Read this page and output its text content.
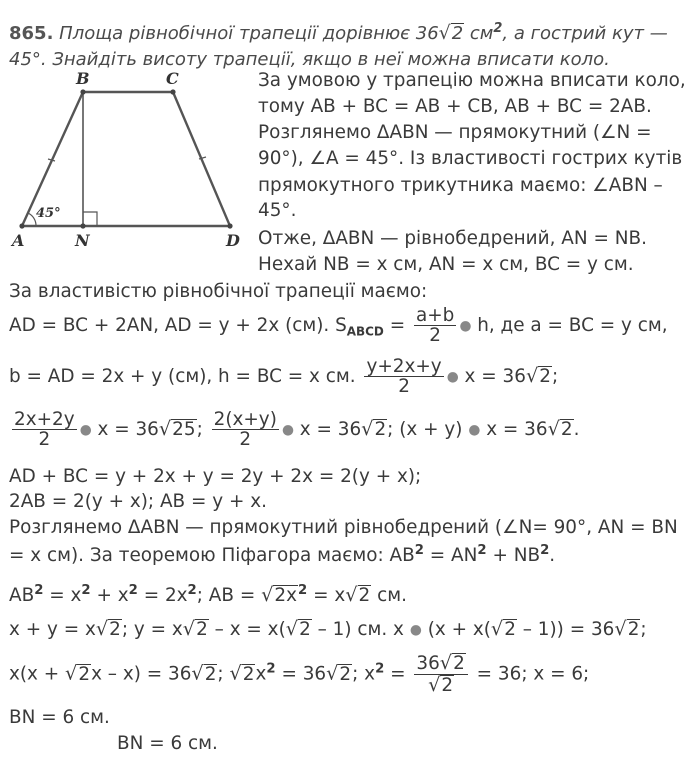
865. Площа рівнобічної трапеції дорівнює 36√2 $см^2$, а гострий кут — 45°. Знайдіть висоту трапеції, якщо в неї можна вписати коло.
B	C
A	N	D
45°
За умовою у трапецію можна вписати коло,
тому AB + BC = AB + CB, AB + BC = 2AB.
Розглянемо ΔABN — прямокутний (∠N =
90°), ∠A = 45°. Із властивості гострих кутів
прямокутного трикутника маємо: ∠ABN –
45°.
Отже, ΔABN — рівнобедрений, AN = NB.
Нехай NB = x см, AN = x см, BC = y см.
За властивістю рівнобічної трапеції маємо:
AD = BC + 2AN, AD = y + 2x (см). $S_{ABCD} = \frac{a+b}{2}$ ● h, де a = BC = y см,
b = AD = 2x + y (см), h = BC = x см. $\frac{y+2x+y}{2}$ ● x = 36√2;
$\frac{2x+2y}{2}$ ● x = 36√25; $\frac{2(x+y)}{2}$ ● x = 36√2; (x + y) ● x = 36√2.
AD + BC = y + 2x + y = 2y + 2x = 2(y + x);
2AB = 2(y + x); AB = y + x.
Розглянемо ΔABN — прямокутний рівнобедрений (∠N= 90°, AN = BN
= x см). За теоремою Піфагора маємо: $AB^2 = AN^2 + NB^2$.
$AB^2 = x^2 + x^2 = 2x^2$; AB = $√2x^2 = x√2$ см.
x + y = x√2; y = x√2 – x = x(√2 – 1) см. x ● (x + x(√2 – 1)) = 36√2;
x(x + √2x – x) = 36√2; $√2x^2 = 36√2$; $x^2 = \frac{36√2}{√2} = 36$; x = 6;
BN = 6 см.
BN = 6 см.
